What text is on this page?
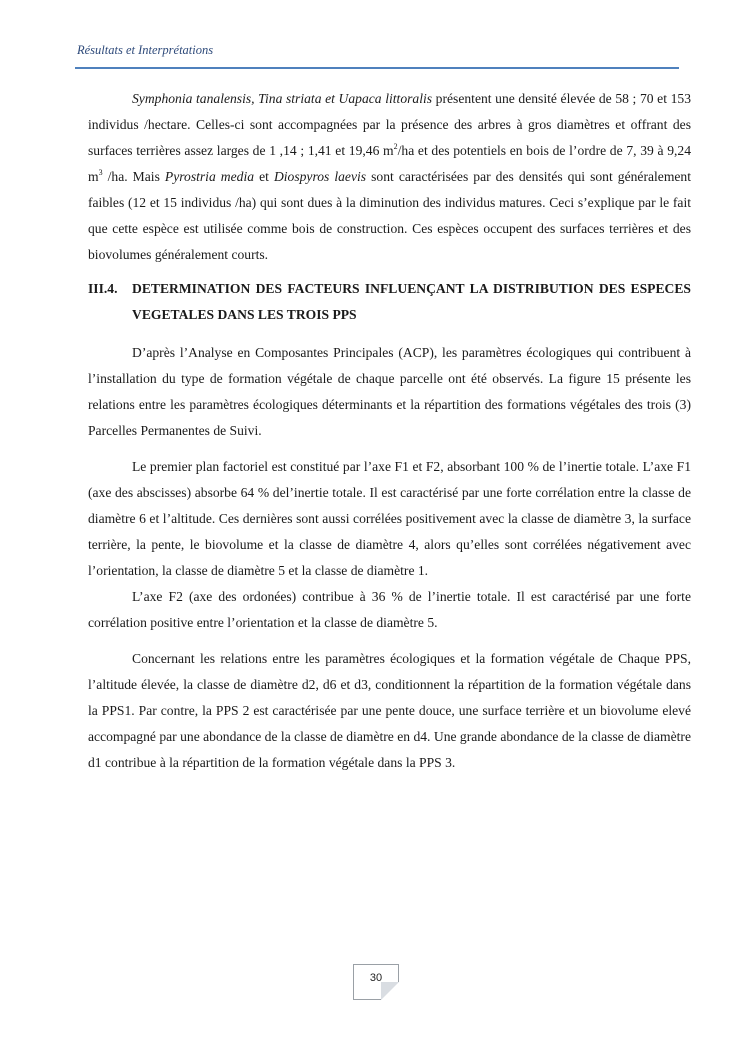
Résultats et Interprétations

Symphonia tanalensis, Tina striata et Uapaca littoralis présentent une densité élevée de 58 ; 70 et 153 individus /hectare. Celles-ci sont accompagnées par la présence des arbres à gros diamètres et offrant des surfaces terrières assez larges de 1 ,14 ; 1,41 et 19,46 $m^2/ha$ et des potentiels en bois de l’ordre de 7, 39 à 9,24 $m^3$ /ha. Mais Pyrostria media et Diospyros laevis sont caractérisées par des densités qui sont généralement faibles (12 et 15 individus /ha) qui sont dues à la diminution des individus matures. Ceci s’explique par le fait que cette espèce est utilisée comme bois de construction. Ces espèces occupent des surfaces terrières et des biovolumes généralement courts.

III.4. DETERMINATION DES FACTEURS INFLUENÇANT LA DISTRIBUTION DES ESPECES VEGETALES DANS LES TROIS PPS

D’après l’Analyse en Composantes Principales (ACP), les paramètres écologiques qui contribuent à l’installation du type de formation végétale de chaque parcelle ont été observés. La figure 15 présente les relations entre les paramètres écologiques déterminants et la répartition des formations végétales des trois (3) Parcelles Permanentes de Suivi.

Le premier plan factoriel est constitué par l’axe F1 et F2, absorbant 100 % de l’inertie totale. L’axe F1 (axe des abscisses) absorbe 64 % del’inertie totale. Il est caractérisé par une forte corrélation entre la classe de diamètre 6 et l’altitude. Ces dernières sont aussi corrélées positivement avec la classe de diamètre 3, la surface terrière, la pente, le biovolume et la classe de diamètre 4, alors qu’elles sont corrélées négativement avec l’orientation, la classe de diamètre 5 et la classe de diamètre 1.

L’axe F2 (axe des ordonées) contribue à 36 % de l’inertie totale. Il est caractérisé par une forte corrélation positive entre l’orientation et la classe de diamètre 5.

Concernant les relations entre les paramètres écologiques et la formation végétale de Chaque PPS, l’altitude élevée, la classe de diamètre d2, d6 et d3, conditionnent la répartition de la formation végétale dans la PPS1. Par contre, la PPS 2 est caractérisée par une pente douce, une surface terrière et un biovolume elevé accompagné par une abondance de la classe de diamètre en d4. Une grande abondance de la classe de diamètre d1 contribue à la répartition de la formation végétale dans la PPS 3.

30
